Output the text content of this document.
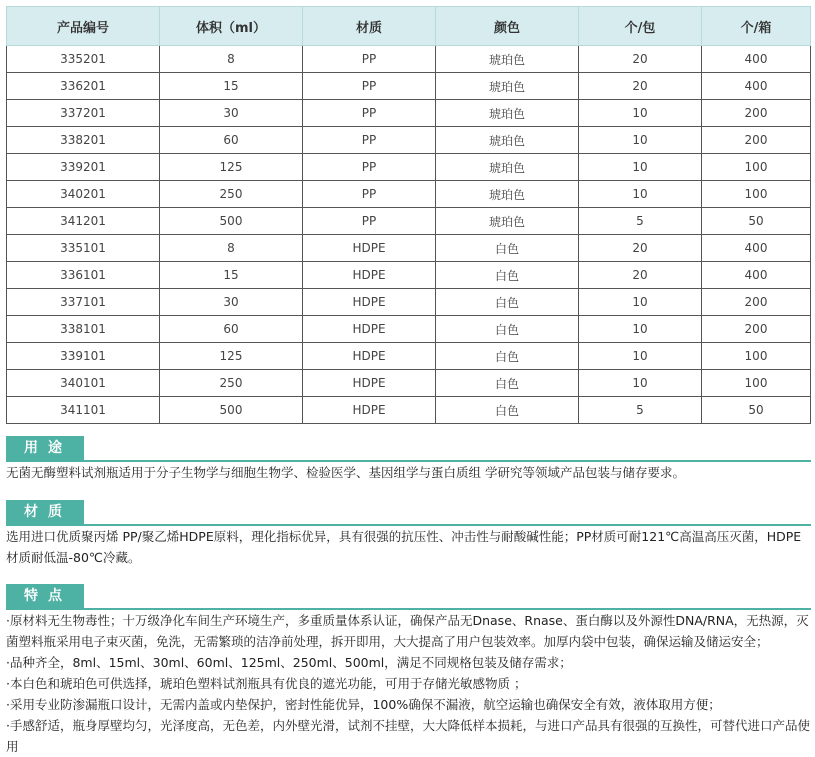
产品编号	体积（ml）	材质	颜色	个/包	个/箱
335201	8	PP	琥珀色	20	400
336201	15	PP	琥珀色	20	400
337201	30	PP	琥珀色	10	200
338201	60	PP	琥珀色	10	200
339201	125	PP	琥珀色	10	100
340201	250	PP	琥珀色	10	100
341201	500	PP	琥珀色	5	50
335101	8	HDPE	白色	20	400
336101	15	HDPE	白色	20	400
337101	30	HDPE	白色	10	200
338101	60	HDPE	白色	10	200
339101	125	HDPE	白色	10	100
340101	250	HDPE	白色	10	100
341101	500	HDPE	白色	5	50
用途

无菌无酶塑料试剂瓶适用于分子生物学与细胞生物学、检验医学、基因组学与蛋白质组 学研究等领域产品包装与储存要求。

材质

选用进口优质聚丙烯 PP/聚乙烯HDPE原料，理化指标优异，具有很强的抗压性、冲击性与耐酸碱性能；PP材质可耐121℃高温高压灭菌，HDPE材质耐低温-80℃冷藏。

特点

·原材料无生物毒性；十万级净化车间生产环境生产，多重质量体系认证，确保产品无Dnase、Rnase、蛋白酶以及外源性DNA/RNA，无热源，灭菌塑料瓶采用电子束灭菌，免洗，无需繁琐的洁净前处理，拆开即用，大大提高了用户包装效率。加厚内袋中包装，确保运输及储运安全；

·品种齐全，8ml、15ml、30ml、60ml、125ml、250ml、500ml，满足不同规格包装及储存需求；

·本白色和琥珀色可供选择，琥珀色塑料试剂瓶具有优良的遮光功能，可用于存储光敏感物质 ；

·采用专业防渗漏瓶口设计，无需内盖或内垫保护，密封性能优异，100%确保不漏液，航空运输也确保安全有效，液体取用方便；

·手感舒适，瓶身厚壁均匀，光泽度高，无色差，内外壁光滑，试剂不挂壁，大大降低样本损耗，与进口产品具有很强的互换性，可替代进口产品使用
